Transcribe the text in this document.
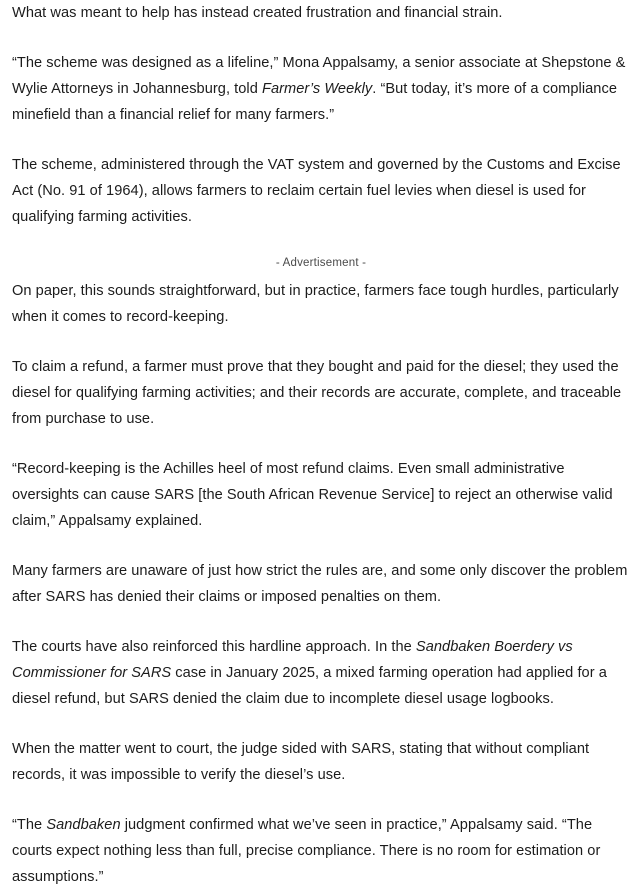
What was meant to help has instead created frustration and financial strain.

“The scheme was designed as a lifeline,” Mona Appalsamy, a senior associate at Shepstone & Wylie Attorneys in Johannesburg, told Farmer’s Weekly. “But today, it’s more of a compliance minefield than a financial relief for many farmers.”

The scheme, administered through the VAT system and governed by the Customs and Excise Act (No. 91 of 1964), allows farmers to reclaim certain fuel levies when diesel is used for qualifying farming activities.

- Advertisement -

On paper, this sounds straightforward, but in practice, farmers face tough hurdles, particularly when it comes to record-keeping.

To claim a refund, a farmer must prove that they bought and paid for the diesel; they used the diesel for qualifying farming activities; and their records are accurate, complete, and traceable from purchase to use.

“Record-keeping is the Achilles heel of most refund claims. Even small administrative oversights can cause SARS [the South African Revenue Service] to reject an otherwise valid claim,” Appalsamy explained.

Many farmers are unaware of just how strict the rules are, and some only discover the problem after SARS has denied their claims or imposed penalties on them.

The courts have also reinforced this hardline approach. In the Sandbaken Boerdery vs Commissioner for SARS case in January 2025, a mixed farming operation had applied for a diesel refund, but SARS denied the claim due to incomplete diesel usage logbooks.

When the matter went to court, the judge sided with SARS, stating that without compliant records, it was impossible to verify the diesel’s use.

“The Sandbaken judgment confirmed what we’ve seen in practice,” Appalsamy said. “The courts expect nothing less than full, precise compliance. There is no room for estimation or assumptions.”
